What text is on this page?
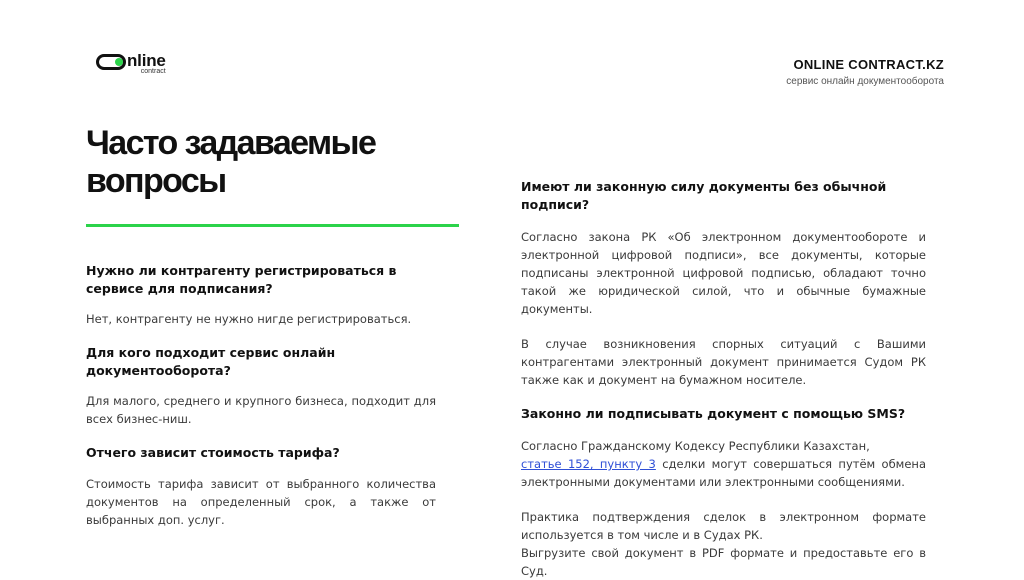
nline
contract	ONLINE CONTRACT.KZ
сервис онлайн документооборота
Часто задаваемые вопросы
Нужно ли контрагенту регистрироваться в сервисе для подписания?
Нет, контрагенту не нужно нигде регистрироваться.
Для кого подходит сервис онлайн документооборота?
Для малого, среднего и крупного бизнеса, подходит для всех бизнес-ниш.
Отчего зависит стоимость тарифа?
Стоимость тарифа зависит от выбранного количества документов на определенный срок, а также от выбранных доп. услуг.
Имеют ли законную силу документы без обычной подписи?

Согласно закона РК «Об электронном документообороте и электронной цифровой подписи», все документы, которые подписаны электронной цифровой подписью, обладают точно такой же юридической силой, что и обычные бумажные документы.

В случае возникновения спорных ситуаций с Вашими контрагентами электронный документ принимается Судом РК также как и документ на бумажном носителе.

Законно ли подписывать документ с помощью SMS?

Согласно Гражданскому Кодексу Республики Казахстан,
статье 152, пункту 3 сделки могут совершаться путём обмена электронными документами или электронными сообщениями.

Практика подтверждения сделок в электронном формате используется в том числе и в Судах РК.

Выгрузите свой документ в PDF формате и предоставьте его в Суд.
